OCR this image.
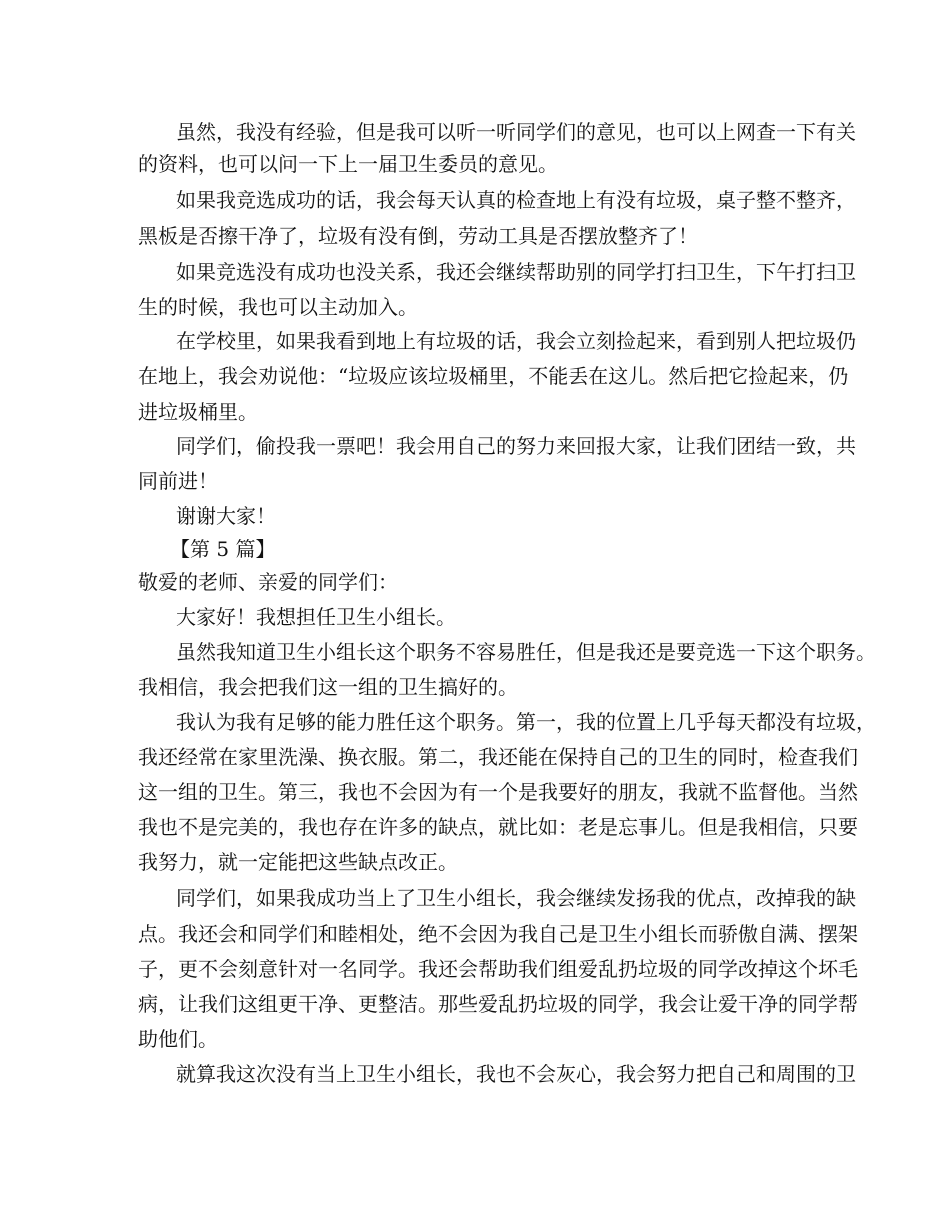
虽然，我没有经验，但是我可以听一听同学们的意见，也可以上网查一下有关
的资料，也可以问一下上一届卫生委员的意见。
如果我竞选成功的话，我会每天认真的检查地上有没有垃圾，桌子整不整齐，
黑板是否擦干净了，垃圾有没有倒，劳动工具是否摆放整齐了！
如果竞选没有成功也没关系，我还会继续帮助别的同学打扫卫生，下午打扫卫
生的时候，我也可以主动加入。
在学校里，如果我看到地上有垃圾的话，我会立刻捡起来，看到别人把垃圾仍
在地上，我会劝说他：“垃圾应该垃圾桶里，不能丢在这儿。然后把它捡起来，仍
进垃圾桶里。
同学们，偷投我一票吧！我会用自己的努力来回报大家，让我们团结一致，共
同前进！
谢谢大家！
【第 5 篇】
敬爱的老师、亲爱的同学们：
大家好！我想担任卫生小组长。
虽然我知道卫生小组长这个职务不容易胜任，但是我还是要竞选一下这个职务。
我相信，我会把我们这一组的卫生搞好的。
我认为我有足够的能力胜任这个职务。第一，我的位置上几乎每天都没有垃圾，
我还经常在家里洗澡、换衣服。第二，我还能在保持自己的卫生的同时，检查我们
这一组的卫生。第三，我也不会因为有一个是我要好的朋友，我就不监督他。当然
我也不是完美的，我也存在许多的缺点，就比如：老是忘事儿。但是我相信，只要
我努力，就一定能把这些缺点改正。
同学们，如果我成功当上了卫生小组长，我会继续发扬我的优点，改掉我的缺
点。我还会和同学们和睦相处，绝不会因为我自己是卫生小组长而骄傲自满、摆架
子，更不会刻意针对一名同学。我还会帮助我们组爱乱扔垃圾的同学改掉这个坏毛
病，让我们这组更干净、更整洁。那些爱乱扔垃圾的同学，我会让爱干净的同学帮
助他们。
就算我这次没有当上卫生小组长，我也不会灰心，我会努力把自己和周围的卫
